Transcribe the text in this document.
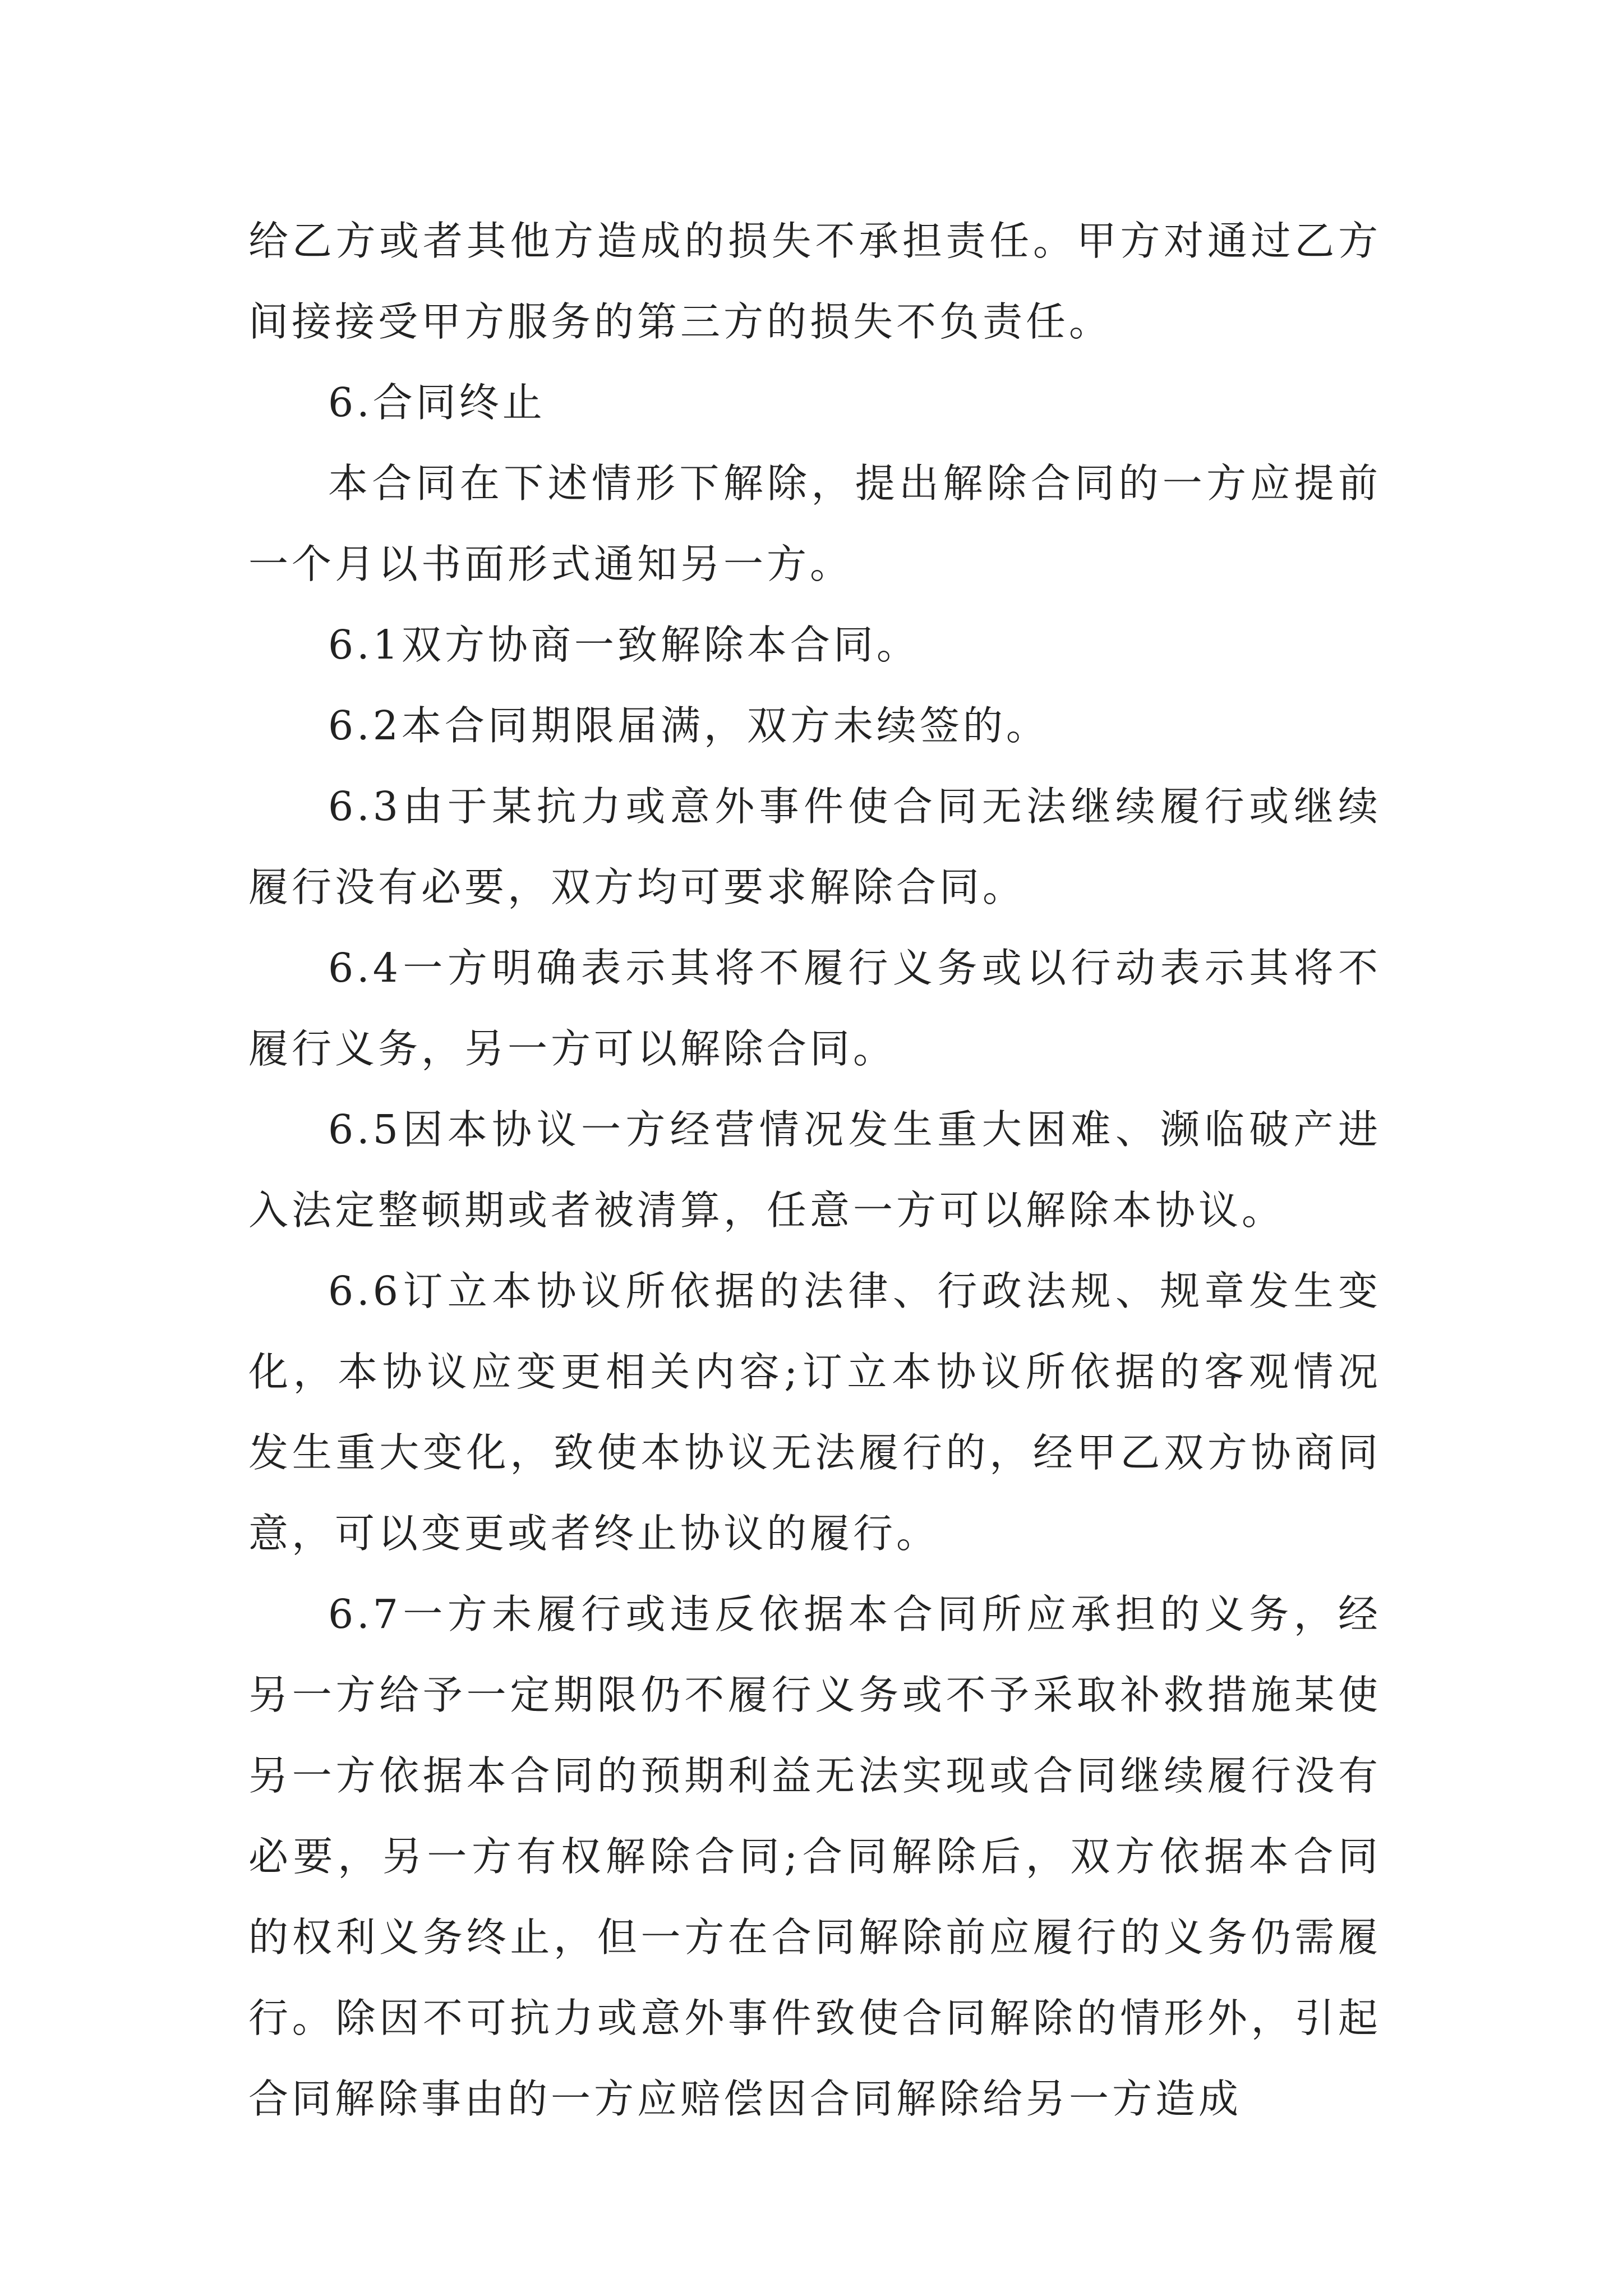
给乙方或者其他方造成的损失不承担责任。甲方对通过乙方间接接受甲方服务的第三方的损失不负责任。

6.合同终止

本合同在下述情形下解除，提出解除合同的一方应提前一个月以书面形式通知另一方。

6.1双方协商一致解除本合同。

6.2本合同期限届满，双方未续签的。

6.3由于某抗力或意外事件使合同无法继续履行或继续履行没有必要，双方均可要求解除合同。

6.4一方明确表示其将不履行义务或以行动表示其将不履行义务，另一方可以解除合同。

6.5因本协议一方经营情况发生重大困难、濒临破产进入法定整顿期或者被清算，任意一方可以解除本协议。

6.6订立本协议所依据的法律、行政法规、规章发生变化，本协议应变更相关内容;订立本协议所依据的客观情况发生重大变化，致使本协议无法履行的，经甲乙双方协商同意，可以变更或者终止协议的履行。

6.7一方未履行或违反依据本合同所应承担的义务，经另一方给予一定期限仍不履行义务或不予采取补救措施某使另一方依据本合同的预期利益无法实现或合同继续履行没有必要，另一方有权解除合同;合同解除后，双方依据本合同的权利义务终止，但一方在合同解除前应履行的义务仍需履行。除因不可抗力或意外事件致使合同解除的情形外，引起合同解除事由的一方应赔偿因合同解除给另一方造成
